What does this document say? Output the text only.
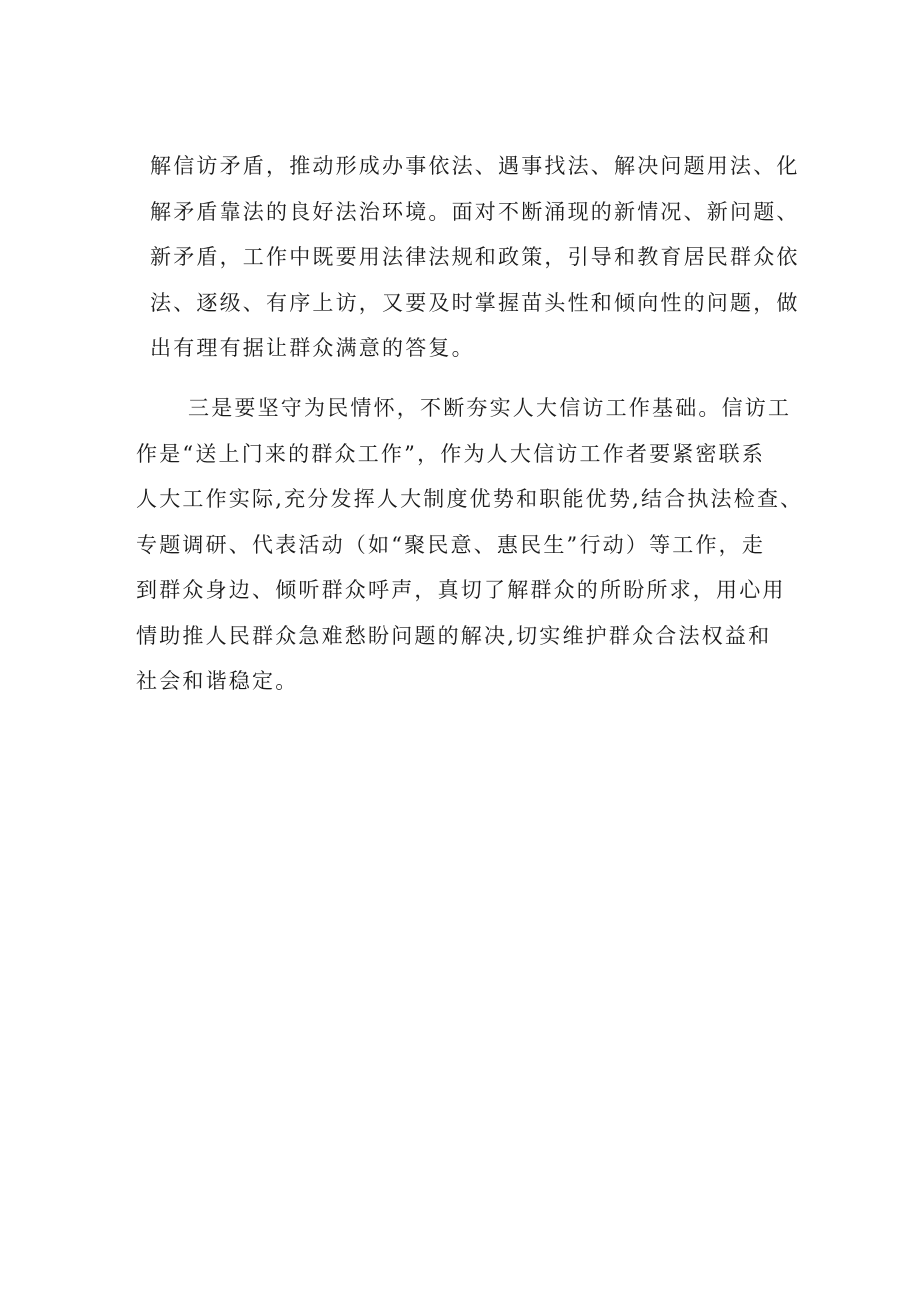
解信访矛盾，推动形成办事依法、遇事找法、解决问题用法、化
解矛盾靠法的良好法治环境。面对不断涌现的新情况、新问题、
新矛盾，工作中既要用法律法规和政策，引导和教育居民群众依
法、逐级、有序上访，又要及时掌握苗头性和倾向性的问题，做
出有理有据让群众满意的答复。
三是要坚守为民情怀，不断夯实人大信访工作基础。信访工
作是“送上门来的群众工作”，作为人大信访工作者要紧密联系
人大工作实际,充分发挥人大制度优势和职能优势,结合执法检查、
专题调研、代表活动（如“聚民意、惠民生”行动）等工作，走
到群众身边、倾听群众呼声，真切了解群众的所盼所求，用心用
情助推人民群众急难愁盼问题的解决,切实维护群众合法权益和
社会和谐稳定。
